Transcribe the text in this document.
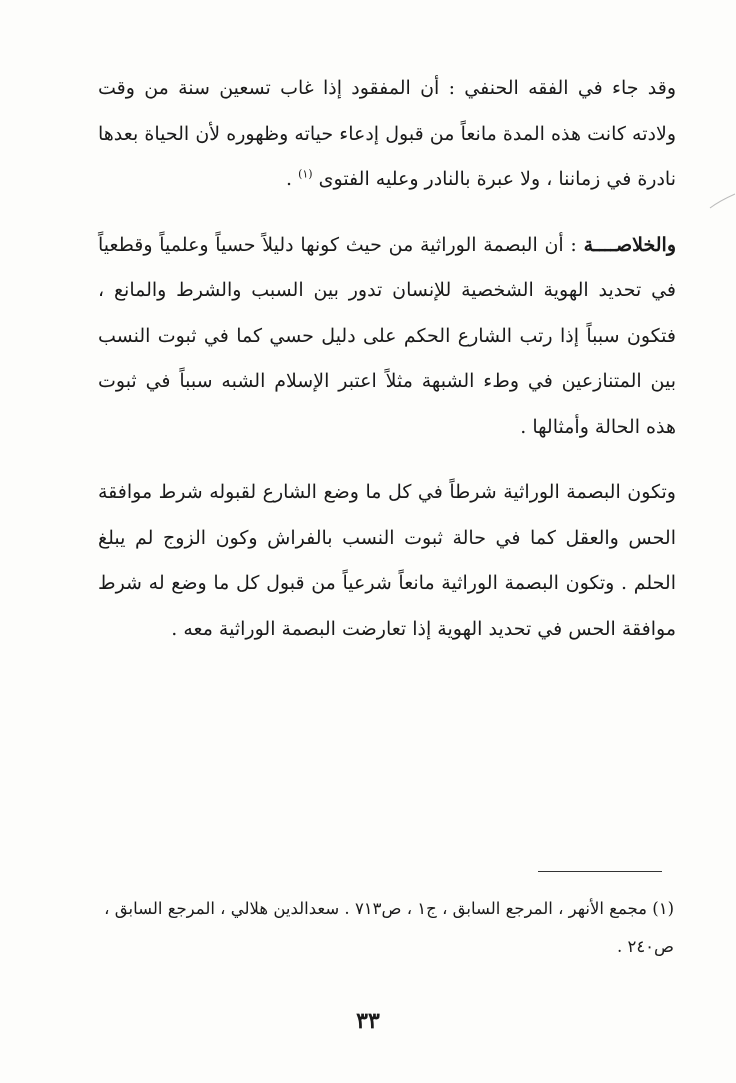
وقد جاء في الفقه الحنفي : أن المفقود إذا غاب تسعين سنة من وقت ولادته كانت هذه المدة مانعاً من قبول إدعاء حياته وظهوره لأن الحياة بعدها نادرة في زماننا ، ولا عبرة بالنادر وعليه الفتوى $^{(١)}$ .

والخلاصــــة : أن البصمة الوراثية من حيث كونها دليلاً حسياً وعلمياً وقطعياً في تحديد الهوية الشخصية للإنسان تدور بين السبب والشرط والمانع ، فتكون سبباً إذا رتب الشارع الحكم على دليل حسي كما في ثبوت النسب بين المتنازعين في وطء الشبهة مثلاً اعتبر الإسلام الشبه سبباً في ثبوت هذه الحالة وأمثالها .

وتكون البصمة الوراثية شرطاً في كل ما وضع الشارع لقبوله شرط موافقة الحس والعقل كما في حالة ثبوت النسب بالفراش وكون الزوج لم يبلغ الحلم . وتكون البصمة الوراثية مانعاً شرعياً من قبول كل ما وضع له شرط موافقة الحس في تحديد الهوية إذا تعارضت البصمة الوراثية معه .

(١) مجمع الأنهر ، المرجع السابق ، ج١ ، ص٧١٣ . سعدالدين هلالي ، المرجع السابق ، ص٢٤٠ .
٣٣
